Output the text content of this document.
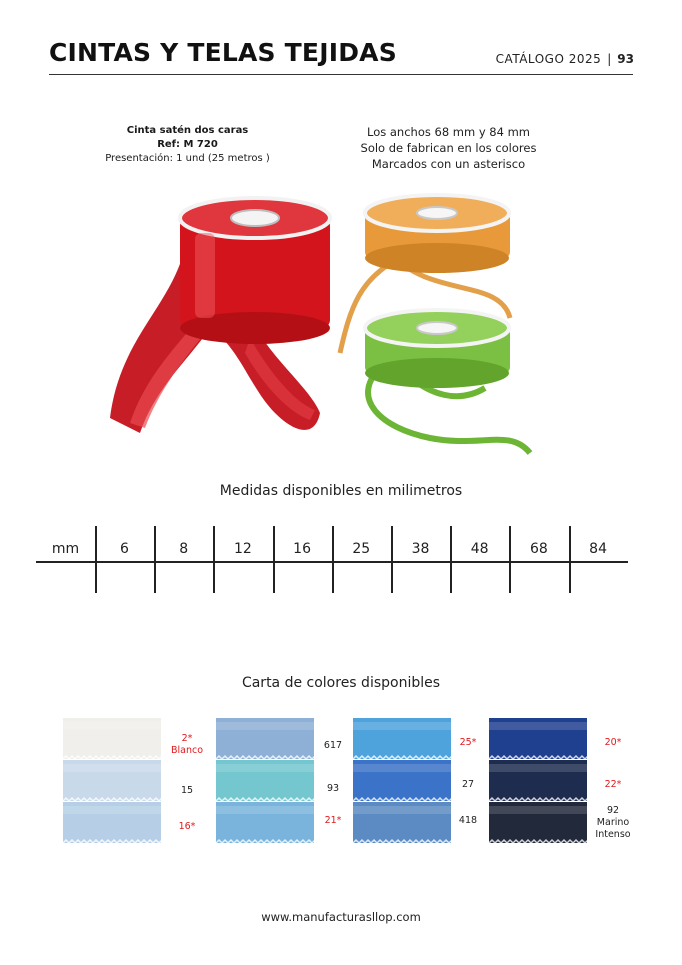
CINTAS Y TELAS TEJIDAS	CATÁLOGO 2025 | 93
Cinta satén dos caras
Ref: M 720
Presentación: 1 und (25 metros )
Los anchos 68 mm y 84 mm
Solo de fabrican en los colores
Marcados con un asterisco
Medidas disponibles en milimetros
mm	6	8	12	16	25	38	48	68	84
Carta de colores disponibles
2*
Blanco
15
16*
617
93
21*
25*
27
418
20*
22*
92
Marino
Intenso
www.manufacturasllop.com
